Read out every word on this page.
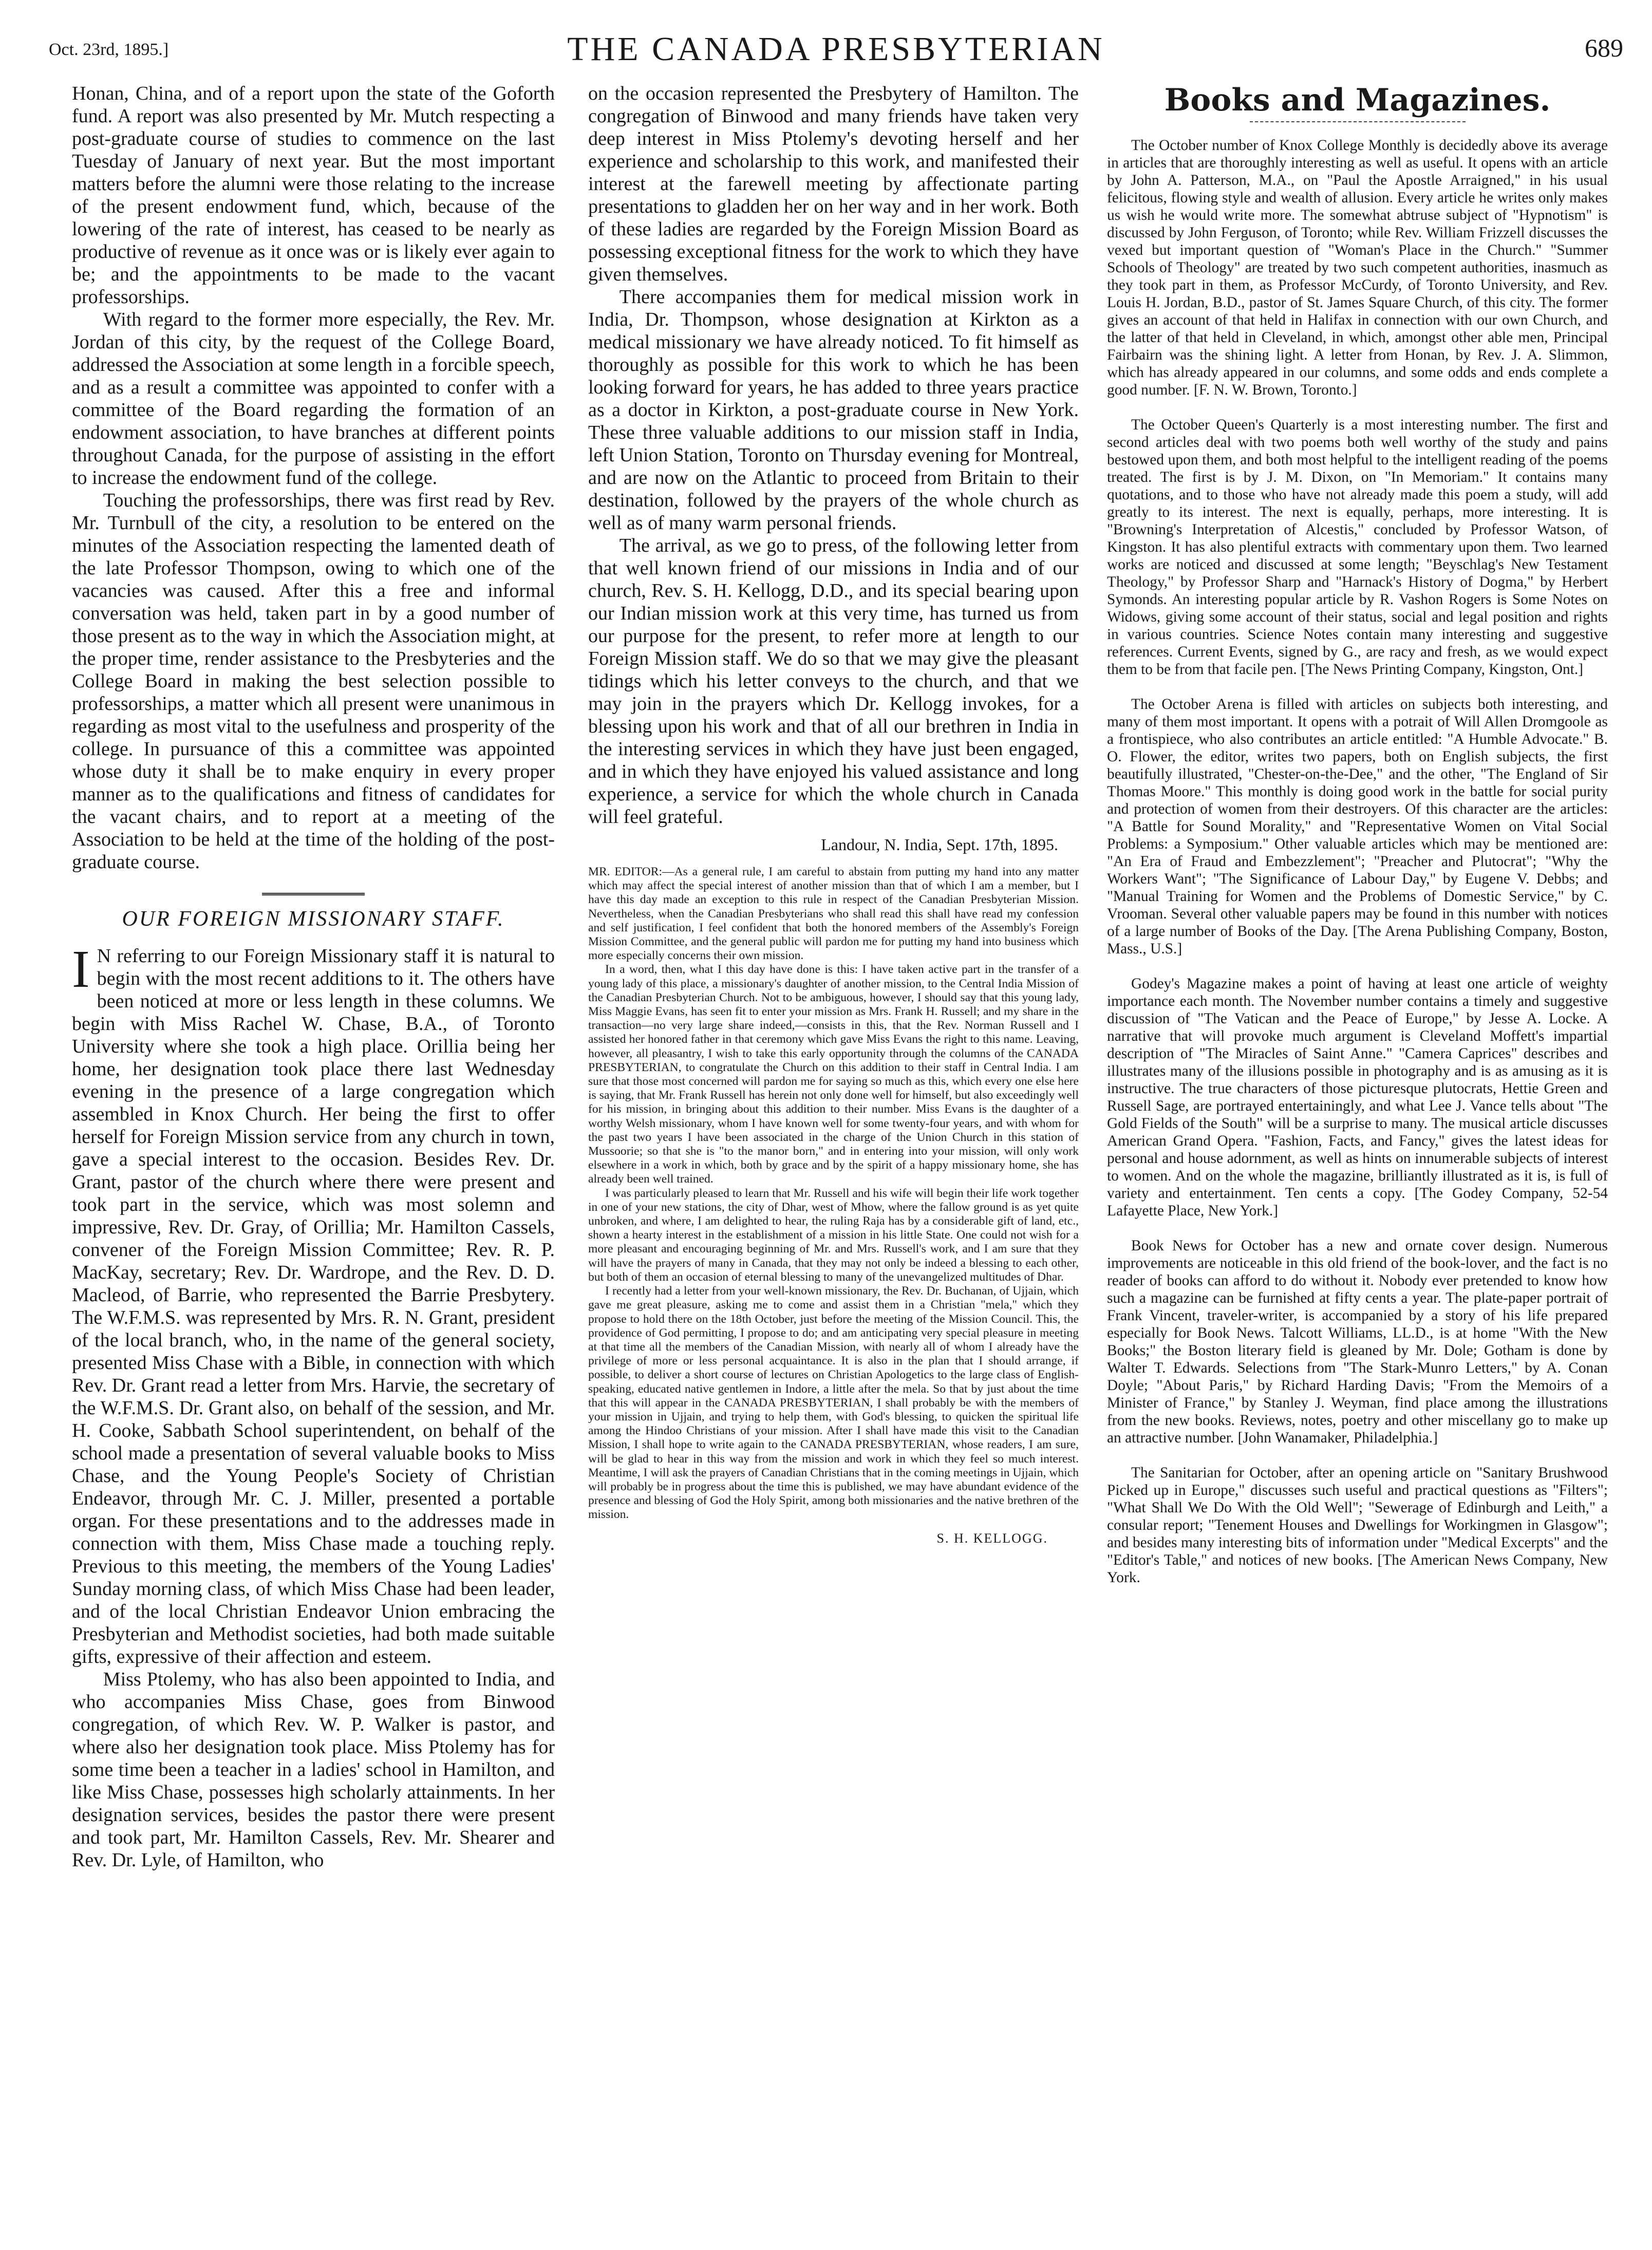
Oct. 23rd, 1895.]	THE CANADA PRESBYTERIAN	689

Honan, China, and of a report upon the state of the Goforth fund. A report was also presented by Mr. Mutch respecting a post-graduate course of studies to commence on the last Tuesday of January of next year. But the most important matters before the alumni were those relating to the increase of the present endowment fund, which, because of the lowering of the rate of interest, has ceased to be nearly as productive of revenue as it once was or is likely ever again to be; and the appointments to be made to the vacant professorships.

With regard to the former more especially, the Rev. Mr. Jordan of this city, by the request of the College Board, addressed the Association at some length in a forcible speech, and as a result a committee was appointed to confer with a committee of the Board regarding the formation of an endowment association, to have branches at different points throughout Canada, for the purpose of assisting in the effort to increase the endowment fund of the college.

Touching the professorships, there was first read by Rev. Mr. Turnbull of the city, a resolution to be entered on the minutes of the Association respecting the lamented death of the late Professor Thompson, owing to which one of the vacancies was caused. After this a free and informal conversation was held, taken part in by a good number of those present as to the way in which the Association might, at the proper time, render assistance to the Presbyteries and the College Board in making the best selection possible to professorships, a matter which all present were unanimous in regarding as most vital to the usefulness and prosperity of the college. In pursuance of this a committee was appointed whose duty it shall be to make enquiry in every proper manner as to the qualifications and fitness of candidates for the vacant chairs, and to report at a meeting of the Association to be held at the time of the holding of the post-graduate course.

OUR FOREIGN MISSIONARY STAFF.

I N referring to our Foreign Missionary staff it is natural to begin with the most recent additions to it. The others have been noticed at more or less length in these columns. We begin with Miss Rachel W. Chase, B.A., of Toronto University where she took a high place. Orillia being her home, her designation took place there last Wednesday evening in the presence of a large congregation which assembled in Knox Church. Her being the first to offer herself for Foreign Mission service from any church in town, gave a special interest to the occasion. Besides Rev. Dr. Grant, pastor of the church where there were present and took part in the service, which was most solemn and impressive, Rev. Dr. Gray, of Orillia; Mr. Hamilton Cassels, convener of the Foreign Mission Committee; Rev. R. P. MacKay, secretary; Rev. Dr. Wardrope, and the Rev. D. D. Macleod, of Barrie, who represented the Barrie Presbytery. The W.F.M.S. was represented by Mrs. R. N. Grant, president of the local branch, who, in the name of the general society, presented Miss Chase with a Bible, in connection with which Rev. Dr. Grant read a letter from Mrs. Harvie, the secretary of the W.F.M.S. Dr. Grant also, on behalf of the session, and Mr. H. Cooke, Sabbath School superintendent, on behalf of the school made a presentation of several valuable books to Miss Chase, and the Young People's Society of Christian Endeavor, through Mr. C. J. Miller, presented a portable organ. For these presentations and to the addresses made in connection with them, Miss Chase made a touching reply. Previous to this meeting, the members of the Young Ladies' Sunday morning class, of which Miss Chase had been leader, and of the local Christian Endeavor Union embracing the Presbyterian and Methodist societies, had both made suitable gifts, expressive of their affection and esteem.

Miss Ptolemy, who has also been appointed to India, and who accompanies Miss Chase, goes from Binwood congregation, of which Rev. W. P. Walker is pastor, and where also her designation took place. Miss Ptolemy has for some time been a teacher in a ladies' school in Hamilton, and like Miss Chase, possesses high scholarly attainments. In her designation services, besides the pastor there were present and took part, Mr. Hamilton Cassels, Rev. Mr. Shearer and Rev. Dr. Lyle, of Hamilton, who

on the occasion represented the Presbytery of Hamilton. The congregation of Binwood and many friends have taken very deep interest in Miss Ptolemy's devoting herself and her experience and scholarship to this work, and manifested their interest at the farewell meeting by affectionate parting presentations to gladden her on her way and in her work. Both of these ladies are regarded by the Foreign Mission Board as possessing exceptional fitness for the work to which they have given themselves.

There accompanies them for medical mission work in India, Dr. Thompson, whose designation at Kirkton as a medical missionary we have already noticed. To fit himself as thoroughly as possible for this work to which he has been looking forward for years, he has added to three years practice as a doctor in Kirkton, a post-graduate course in New York. These three valuable additions to our mission staff in India, left Union Station, Toronto on Thursday evening for Montreal, and are now on the Atlantic to proceed from Britain to their destination, followed by the prayers of the whole church as well as of many warm personal friends.

The arrival, as we go to press, of the following letter from that well known friend of our missions in India and of our church, Rev. S. H. Kellogg, D.D., and its special bearing upon our Indian mission work at this very time, has turned us from our purpose for the present, to refer more at length to our Foreign Mission staff. We do so that we may give the pleasant tidings which his letter conveys to the church, and that we may join in the prayers which Dr. Kellogg invokes, for a blessing upon his work and that of all our brethren in India in the interesting services in which they have just been engaged, and in which they have enjoyed his valued assistance and long experience, a service for which the whole church in Canada will feel grateful.

Landour, N. India, Sept. 17th, 1895.

MR. EDITOR:—As a general rule, I am careful to abstain from putting my hand into any matter which may affect the special interest of another mission than that of which I am a member, but I have this day made an exception to this rule in respect of the Canadian Presbyterian Mission. Nevertheless, when the Canadian Presbyterians who shall read this shall have read my confession and self justification, I feel confident that both the honored members of the Assembly's Foreign Mission Committee, and the general public will pardon me for putting my hand into business which more especially concerns their own mission.

In a word, then, what I this day have done is this: I have taken active part in the transfer of a young lady of this place, a missionary's daughter of another mission, to the Central India Mission of the Canadian Presbyterian Church. Not to be ambiguous, however, I should say that this young lady, Miss Maggie Evans, has seen fit to enter your mission as Mrs. Frank H. Russell; and my share in the transaction—no very large share indeed,—consists in this, that the Rev. Norman Russell and I assisted her honored father in that ceremony which gave Miss Evans the right to this name. Leaving, however, all pleasantry, I wish to take this early opportunity through the columns of the CANADA PRESBYTERIAN, to congratulate the Church on this addition to their staff in Central India. I am sure that those most concerned will pardon me for saying so much as this, which every one else here is saying, that Mr. Frank Russell has herein not only done well for himself, but also exceedingly well for his mission, in bringing about this addition to their number. Miss Evans is the daughter of a worthy Welsh missionary, whom I have known well for some twenty-four years, and with whom for the past two years I have been associated in the charge of the Union Church in this station of Mussoorie; so that she is "to the manor born," and in entering into your mission, will only work elsewhere in a work in which, both by grace and by the spirit of a happy missionary home, she has already been well trained.

I was particularly pleased to learn that Mr. Russell and his wife will begin their life work together in one of your new stations, the city of Dhar, west of Mhow, where the fallow ground is as yet quite unbroken, and where, I am delighted to hear, the ruling Raja has by a considerable gift of land, etc., shown a hearty interest in the establishment of a mission in his little State. One could not wish for a more pleasant and encouraging beginning of Mr. and Mrs. Russell's work, and I am sure that they will have the prayers of many in Canada, that they may not only be indeed a blessing to each other, but both of them an occasion of eternal blessing to many of the unevangelized multitudes of Dhar.

I recently had a letter from your well-known missionary, the Rev. Dr. Buchanan, of Ujjain, which gave me great pleasure, asking me to come and assist them in a Christian "mela," which they propose to hold there on the 18th October, just before the meeting of the Mission Council. This, the providence of God permitting, I propose to do; and am anticipating very special pleasure in meeting at that time all the members of the Canadian Mission, with nearly all of whom I already have the privilege of more or less personal acquaintance. It is also in the plan that I should arrange, if possible, to deliver a short course of lectures on Christian Apologetics to the large class of English-speaking, educated native gentlemen in Indore, a little after the mela. So that by just about the time that this will appear in the CANADA PRESBYTERIAN, I shall probably be with the members of your mission in Ujjain, and trying to help them, with God's blessing, to quicken the spiritual life among the Hindoo Christians of your mission. After I shall have made this visit to the Canadian Mission, I shall hope to write again to the CANADA PRESBYTERIAN, whose readers, I am sure, will be glad to hear in this way from the mission and work in which they feel so much interest. Meantime, I will ask the prayers of Canadian Christians that in the coming meetings in Ujjain, which will probably be in progress about the time this is published, we may have abundant evidence of the presence and blessing of God the Holy Spirit, among both missionaries and the native brethren of the mission.

S. H. KELLOGG.

Books and Magazines.

The October number of Knox College Monthly is decidedly above its average in articles that are thoroughly interesting as well as useful. It opens with an article by John A. Patterson, M.A., on "Paul the Apostle Arraigned," in his usual felicitous, flowing style and wealth of allusion. Every article he writes only makes us wish he would write more. The somewhat abtruse subject of "Hypnotism" is discussed by John Ferguson, of Toronto; while Rev. William Frizzell discusses the vexed but important question of "Woman's Place in the Church." "Summer Schools of Theology" are treated by two such competent authorities, inasmuch as they took part in them, as Professor McCurdy, of Toronto University, and Rev. Louis H. Jordan, B.D., pastor of St. James Square Church, of this city. The former gives an account of that held in Halifax in connection with our own Church, and the latter of that held in Cleveland, in which, amongst other able men, Principal Fairbairn was the shining light. A letter from Honan, by Rev. J. A. Slimmon, which has already appeared in our columns, and some odds and ends complete a good number. [F. N. W. Brown, Toronto.]

The October Queen's Quarterly is a most interesting number. The first and second articles deal with two poems both well worthy of the study and pains bestowed upon them, and both most helpful to the intelligent reading of the poems treated. The first is by J. M. Dixon, on "In Memoriam." It contains many quotations, and to those who have not already made this poem a study, will add greatly to its interest. The next is equally, perhaps, more interesting. It is "Browning's Interpretation of Alcestis," concluded by Professor Watson, of Kingston. It has also plentiful extracts with commentary upon them. Two learned works are noticed and discussed at some length; "Beyschlag's New Testament Theology," by Professor Sharp and "Harnack's History of Dogma," by Herbert Symonds. An interesting popular article by R. Vashon Rogers is Some Notes on Widows, giving some account of their status, social and legal position and rights in various countries. Science Notes contain many interesting and suggestive references. Current Events, signed by G., are racy and fresh, as we would expect them to be from that facile pen. [The News Printing Company, Kingston, Ont.]

The October Arena is filled with articles on subjects both interesting, and many of them most important. It opens with a potrait of Will Allen Dromgoole as a frontispiece, who also contributes an article entitled: "A Humble Advocate." B. O. Flower, the editor, writes two papers, both on English subjects, the first beautifully illustrated, "Chester-on-the-Dee," and the other, "The England of Sir Thomas Moore." This monthly is doing good work in the battle for social purity and protection of women from their destroyers. Of this character are the articles: "A Battle for Sound Morality," and "Representative Women on Vital Social Problems: a Symposium." Other valuable articles which may be mentioned are: "An Era of Fraud and Embezzlement"; "Preacher and Plutocrat"; "Why the Workers Want"; "The Significance of Labour Day," by Eugene V. Debbs; and "Manual Training for Women and the Problems of Domestic Service," by C. Vrooman. Several other valuable papers may be found in this number with notices of a large number of Books of the Day. [The Arena Publishing Company, Boston, Mass., U.S.]

Godey's Magazine makes a point of having at least one article of weighty importance each month. The November number contains a timely and suggestive discussion of "The Vatican and the Peace of Europe," by Jesse A. Locke. A narrative that will provoke much argument is Cleveland Moffett's impartial description of "The Miracles of Saint Anne." "Camera Caprices" describes and illustrates many of the illusions possible in photography and is as amusing as it is instructive. The true characters of those picturesque plutocrats, Hettie Green and Russell Sage, are portrayed entertainingly, and what Lee J. Vance tells about "The Gold Fields of the South" will be a surprise to many. The musical article discusses American Grand Opera. "Fashion, Facts, and Fancy," gives the latest ideas for personal and house adornment, as well as hints on innumerable subjects of interest to women. And on the whole the magazine, brilliantly illustrated as it is, is full of variety and entertainment. Ten cents a copy. [The Godey Company, 52-54 Lafayette Place, New York.]

Book News for October has a new and ornate cover design. Numerous improvements are noticeable in this old friend of the book-lover, and the fact is no reader of books can afford to do without it. Nobody ever pretended to know how such a magazine can be furnished at fifty cents a year. The plate-paper portrait of Frank Vincent, traveler-writer, is accompanied by a story of his life prepared especially for Book News. Talcott Williams, LL.D., is at home "With the New Books;" the Boston literary field is gleaned by Mr. Dole; Gotham is done by Walter T. Edwards. Selections from "The Stark-Munro Letters," by A. Conan Doyle; "About Paris," by Richard Harding Davis; "From the Memoirs of a Minister of France," by Stanley J. Weyman, find place among the illustrations from the new books. Reviews, notes, poetry and other miscellany go to make up an attractive number. [John Wanamaker, Philadelphia.]

The Sanitarian for October, after an opening article on "Sanitary Brushwood Picked up in Europe," discusses such useful and practical questions as "Filters"; "What Shall We Do With the Old Well"; "Sewerage of Edinburgh and Leith," a consular report; "Tenement Houses and Dwellings for Workingmen in Glasgow"; and besides many interesting bits of information under "Medical Excerpts" and the "Editor's Table," and notices of new books. [The American News Company, New York.
